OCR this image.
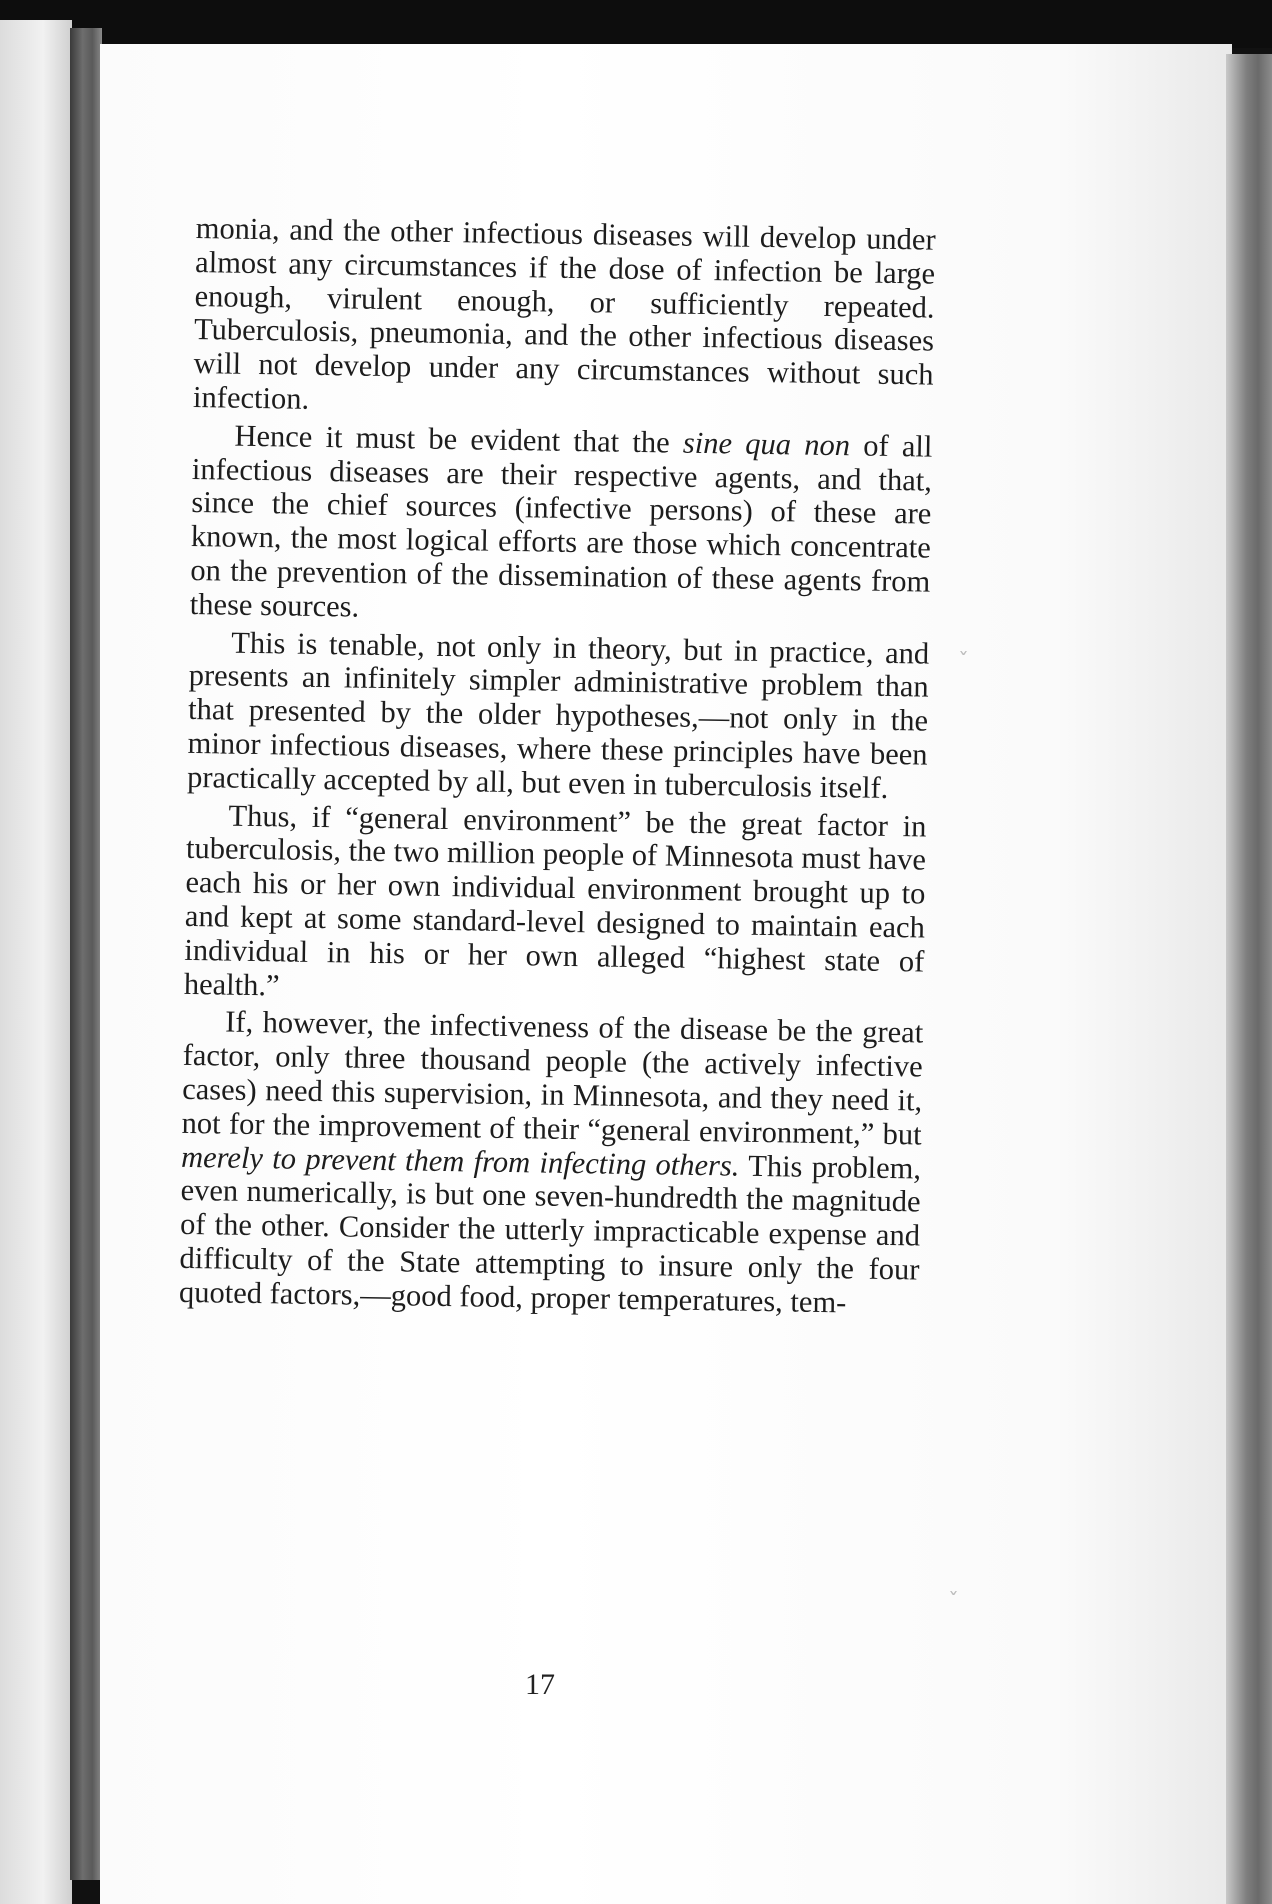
monia, and the other infectious diseases will develop under almost any circumstances if the dose of infection be large enough, virulent enough, or sufficiently repeated. Tuberculosis, pneumonia, and the other infectious diseases will not develop under any circumstances without such infection.

Hence it must be evident that the sine qua non of all infectious diseases are their respective agents, and that, since the chief sources (infective persons) of these are known, the most logical efforts are those which concentrate on the prevention of the dissemination of these agents from these sources.

This is tenable, not only in theory, but in practice, and presents an infinitely simpler administrative problem than that presented by the older hypotheses,—not only in the minor infectious diseases, where these principles have been practically accepted by all, but even in tuberculosis itself.

Thus, if “general environment” be the great factor in tuberculosis, the two million people of Minnesota must have each his or her own individual environment brought up to and kept at some standard-level designed to maintain each individual in his or her own alleged “highest state of health.”

If, however, the infectiveness of the disease be the great factor, only three thousand people (the actively infective cases) need this supervision, in Minnesota, and they need it, not for the improvement of their “general environment,” but merely to prevent them from infecting others. This problem, even numerically, is but one seven-hundredth the magnitude of the other. Consider the utterly impracticable expense and difficulty of the State attempting to insure only the four quoted factors,—good food, proper temperatures, tem-

17
ˇ
ˇ
